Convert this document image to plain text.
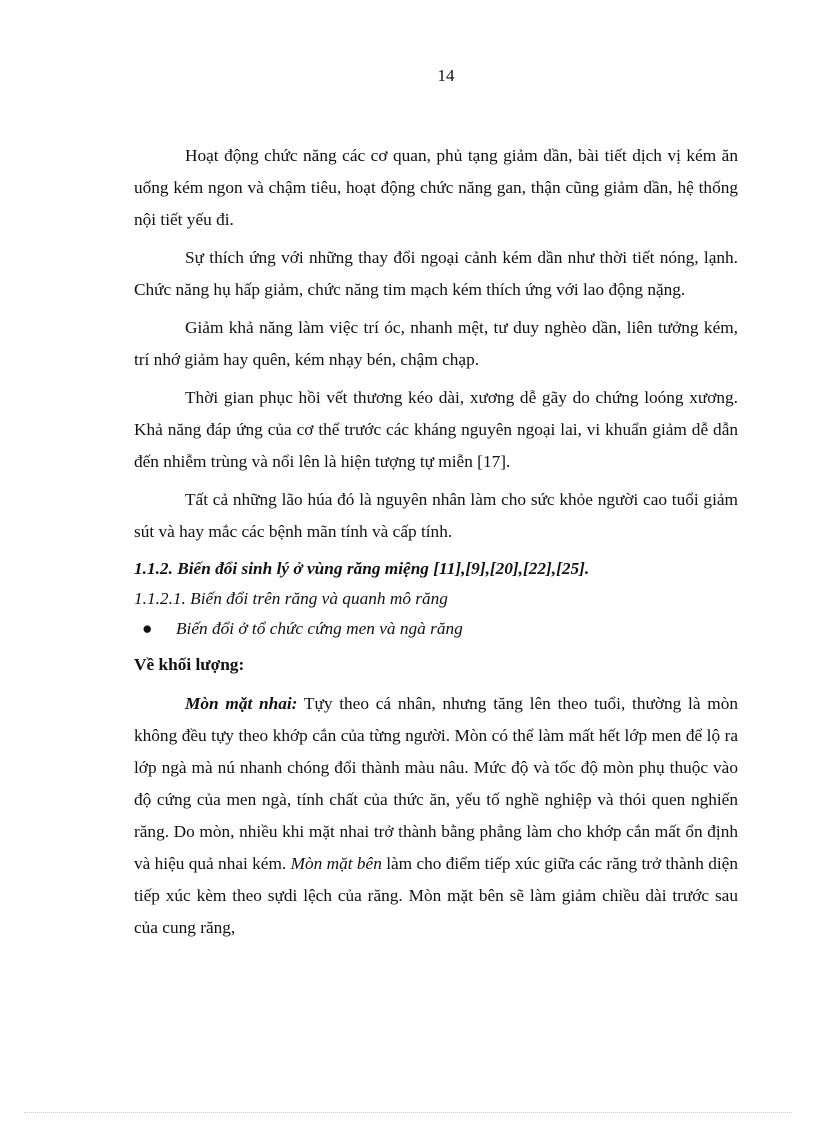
14

Hoạt động chức năng các cơ quan, phủ tạng giảm dần, bài tiết dịch vị kém ăn uống kém ngon và chậm tiêu, hoạt động chức năng gan, thận cũng giảm dần, hệ thống nội tiết yếu đi.

Sự thích ứng với những thay đổi ngoại cảnh kém dần như thời tiết nóng, lạnh. Chức năng hụ hấp giảm, chức năng tim mạch kém thích ứng với lao động nặng.

Giảm khả năng làm việc trí óc, nhanh mệt, tư duy nghèo dần, liên tưởng kém, trí nhớ giảm hay quên, kém nhạy bén, chậm chạp.

Thời gian phục hồi vết thương kéo dài, xương dễ gãy do chứng loóng xương. Khả năng đáp ứng của cơ thể trước các kháng nguyên ngoại lai, vi khuẩn giảm dễ dẫn đến nhiễm trùng và nổi lên là hiện tượng tự miễn [17].

Tất cả những lão húa đó là nguyên nhân làm cho sức khỏe người cao tuổi giảm sút và hay mắc các bệnh mãn tính và cấp tính.

1.1.2. Biến đổi sinh lý ở vùng răng miệng [11],[9],[20],[22],[25].
1.1.2.1. Biến đổi trên răng và quanh mô răng
● Biến đổi ở tổ chức cứng men và ngà răng
Về khối lượng:

Mòn mặt nhai: Tựy theo cá nhân, nhưng tăng lên theo tuổi, thường là mòn không đều tựy theo khớp cắn của từng người. Mòn có thể làm mất hết lớp men để lộ ra lớp ngà mà nú nhanh chóng đổi thành màu nâu. Mức độ và tốc độ mòn phụ thuộc vào độ cứng của men ngà, tính chất của thức ăn, yếu tố nghề nghiệp và thói quen nghiến răng. Do mòn, nhiều khi mặt nhai trở thành bằng phẳng làm cho khớp cắn mất ổn định và hiệu quả nhai kém. Mòn mặt bên làm cho điểm tiếp xúc giữa các răng trở thành diện tiếp xúc kèm theo sựdi lệch của răng. Mòn mặt bên sẽ làm giảm chiều dài trước sau của cung răng,
